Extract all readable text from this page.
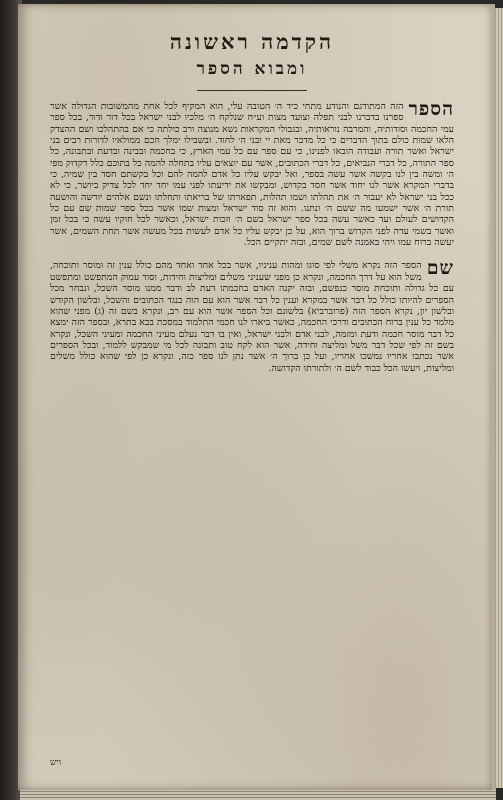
הקדמה ראשונה
ומבוא הספר

הספר
הזה המתודגם והנודע מתחי כיד ה׳ הטובה עלי, הוא המקיף לכל אחת מהמשובות הגדולה אשר ספרנו בדברנו לבני תפלה וצועד מצות וע״ח שנלקח ה׳ מלכיו לבני ישראל בכל דור ודור, בכל ספר עמי החכמה וסודותיה, והמרבה נוראותיה, ובגבולי המקראות נשא מנוצה ורב כולתה כי אם בהתהלכו ושם ההצדק הלאו שמות כולם בתוך הדברים כי כל מדבר מאת יי ובני ה׳ לחוד. ובשבילו ימלך חכם ממולאיו לדורות רבים בני ישראל ואשר תורה ועבודה הובאו לפנינו, כי עם ספר עם כל עמי הארץ, כי בחכמה ובבינה ובדעת ובתבונה, כל ספר התורה, כל דברי הנביאים, כל דברי הכתובים, אשר עם יוצאים עליו בתחלה להמה כל בתוכם כלל דקדוק מפי ה׳ ומשה בין לנו בקשה אשר עשה בספר, ואל יבקש עליו כל אדם להמה להם וכל בקשתם חסד בין שמיה, כי בדברי המקרא אשר לנו יחוד אשר חסד בקדוש, ומבקשו את ידיעתו לפני עמו יחד יחד לכל צדיק ביושר, כי לא ככל בני ישראל לא יעבור ה׳ את תהלתו ושמו תהלות, תפארתו של בריאתו ותחלתו ונשם אלהים יורשה והושעה תורת ה׳ אשר ישמעו מה ששם ה׳ ונתנו. והוא זה סוד ישראל ומצות שמו אשר בכל ספר שמות שם עם כל הקדושים לעולם ועד כאשר עשה בכל ספר ישראל בשם ה׳ וזכות ישראל, וכאשר לכל חוקיו עשה כי בכל זמן ואשר בשמי עדה לפני הקדוש ברוך הוא, על כן יבקש עליו כל אדם לעשות בכל מעשה אשר תחת השמים, אשר יעשה ברוח עמו ויהי באמנה לשם שמים, ובזה יתקיים הכל.

שם
הספר הזה נקרא משלי לפי סוגו ומהות עניניו, אשר בכל אחד ואחד מהם כולל ענין זה ומוסר ותוכחה, משל הוא על דרך החכמה, ונקרא כן מפני שעניני משלים ומליצות וחידות, וסוד עמוק המתפשט ומתפשט עם כל גדולה ותוכחת מוסר כנפשם, ובזה יקנה האדם בחכמתו דעת לב ודבר ממנו מוסר השכל, ונבחר מכל הספרים להיותו כולל כל דבר אשר במקרא וענין כל דבר אשר הוא עם הוה כנגד הכתובים והשכל, ובלשון הקודש ובלשון יון, נקרא הספר הזה (פרוברביא) בלשונם וכל הספר אשר הוא עם רב, ונקרא בשם זה (ג) מפני שהוא מלמד כל ענין ברוח הכתובים ודרכי החכמה, כאשר ביארו לנו חכמי התלמוד במסכת בבא בתרא, ובספר הזה ימצא כל דבר מוסר חכמה ודעת ומזמה, לבני אדם ולבני ישראל, ואין בו דבר נעלם מעיני החכמה ומעיני השכל, ונקרא בשם זה לפי שכל דבר משל ומליצה וחידה, אשר הוא לקח טוב ותבונה לכל מי שמבקש ללמוד, ובכל הספרים אשר נכתבו אחריו נמשכו אחריו, ועל כן ברוך ה׳ אשר נתן לנו ספר כזה, ונקרא כן לפי שהוא כולל משלים ומליצות, ויעשו הכל כבוד לשם ה׳ ולתורתו הקדושה.

ויש
